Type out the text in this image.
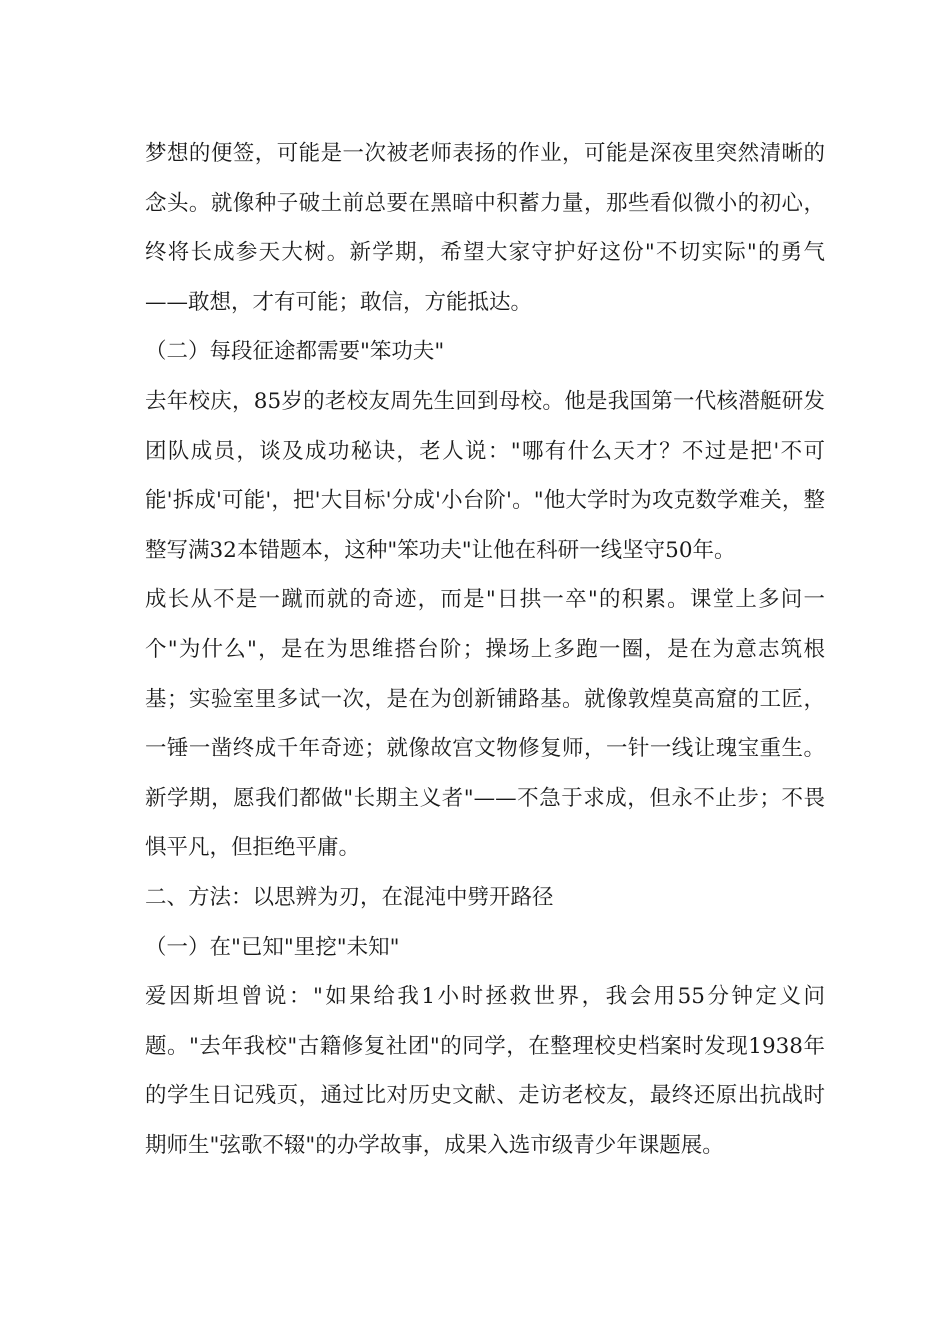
梦想的便签，可能是一次被老师表扬的作业，可能是深夜里突然清晰的念头。就像种子破土前总要在黑暗中积蓄力量，那些看似微小的初心，终将长成参天大树。新学期，希望大家守护好这份"不切实际"的勇气——敢想，才有可能；敢信，方能抵达。

（二）每段征途都需要"笨功夫"

去年校庆，85岁的老校友周先生回到母校。他是我国第一代核潜艇研发团队成员，谈及成功秘诀，老人说："哪有什么天才？不过是把'不可能'拆成'可能'，把'大目标'分成'小台阶'。"他大学时为攻克数学难关，整整写满32本错题本，这种"笨功夫"让他在科研一线坚守50年。

成长从不是一蹴而就的奇迹，而是"日拱一卒"的积累。课堂上多问一个"为什么"，是在为思维搭台阶；操场上多跑一圈，是在为意志筑根基；实验室里多试一次，是在为创新铺路基。就像敦煌莫高窟的工匠，一锤一凿终成千年奇迹；就像故宫文物修复师，一针一线让瑰宝重生。新学期，愿我们都做"长期主义者"——不急于求成，但永不止步；不畏惧平凡，但拒绝平庸。

二、方法：以思辨为刃，在混沌中劈开路径

（一）在"已知"里挖"未知"

爱因斯坦曾说："如果给我1小时拯救世界，我会用55分钟定义问题。"去年我校"古籍修复社团"的同学，在整理校史档案时发现1938年的学生日记残页，通过比对历史文献、走访老校友，最终还原出抗战时期师生"弦歌不辍"的办学故事，成果入选市级青少年课题展。
